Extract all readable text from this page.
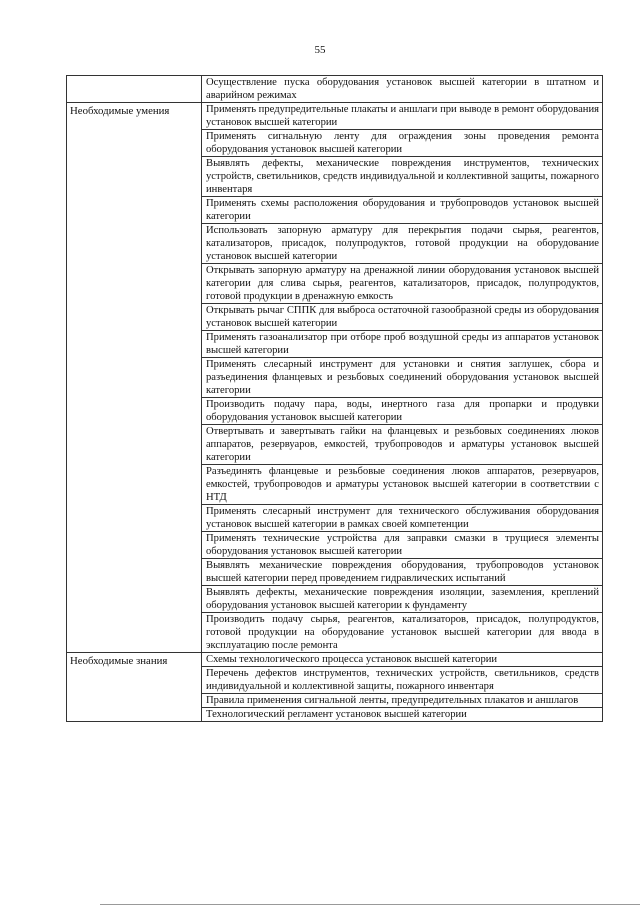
55
	Осуществление пуска оборудования установок высшей категории в штатном и аварийном режимах
Необходимые умения	Применять предупредительные плакаты и аншлаги при выводе в ремонт оборудования установок высшей категории
	Применять сигнальную ленту для ограждения зоны проведения ремонта оборудования установок высшей категории
	Выявлять дефекты, механические повреждения инструментов, технических устройств, светильников, средств индивидуальной и коллективной защиты, пожарного инвентаря
	Применять схемы расположения оборудования и трубопроводов установок высшей категории
	Использовать запорную арматуру для перекрытия подачи сырья, реагентов, катализаторов, присадок, полупродуктов, готовой продукции на оборудование установок высшей категории
	Открывать запорную арматуру на дренажной линии оборудования установок высшей категории для слива сырья, реагентов, катализаторов, присадок, полупродуктов, готовой продукции в дренажную емкость
	Открывать рычаг СППК для выброса остаточной газообразной среды из оборудования установок высшей категории
	Применять газоанализатор при отборе проб воздушной среды из аппаратов установок высшей категории
	Применять слесарный инструмент для установки и снятия заглушек, сбора и разъединения фланцевых и резьбовых соединений оборудования установок высшей категории
	Производить подачу пара, воды, инертного газа для пропарки и продувки оборудования установок высшей категории
	Отвертывать и завертывать гайки на фланцевых и резьбовых соединениях люков аппаратов, резервуаров, емкостей, трубопроводов и арматуры установок высшей категории
	Разъединять фланцевые и резьбовые соединения люков аппаратов, резервуаров, емкостей, трубопроводов и арматуры установок высшей категории в соответствии с НТД
	Применять слесарный инструмент для технического обслуживания оборудования установок высшей категории в рамках своей компетенции
	Применять технические устройства для заправки смазки в трущиеся элементы оборудования установок высшей категории
	Выявлять механические повреждения оборудования, трубопроводов установок высшей категории перед проведением гидравлических испытаний
	Выявлять дефекты, механические повреждения изоляции, заземления, креплений оборудования установок высшей категории к фундаменту
	Производить подачу сырья, реагентов, катализаторов, присадок, полупродуктов, готовой продукции на оборудование установок высшей категории для ввода в эксплуатацию после ремонта
Необходимые знания	Схемы технологического процесса установок высшей категории
	Перечень дефектов инструментов, технических устройств, светильников, средств индивидуальной и коллективной защиты, пожарного инвентаря
	Правила применения сигнальной ленты, предупредительных плакатов и аншлагов
	Технологический регламент установок высшей категории
